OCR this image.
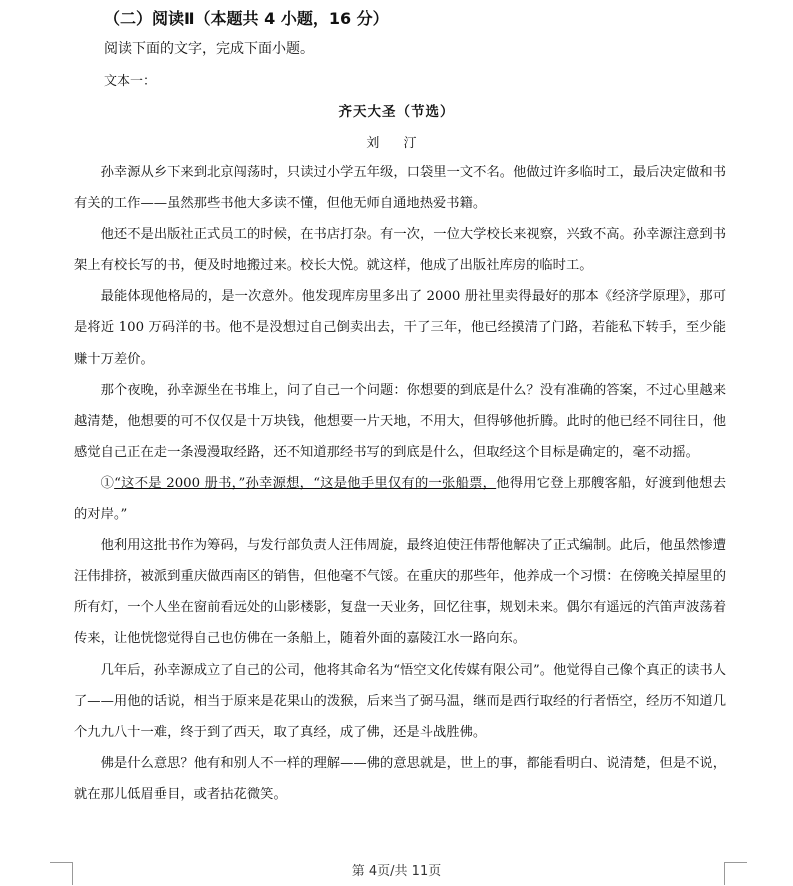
（二）阅读Ⅱ（本题共 4 小题，16 分）
阅读下面的文字，完成下面小题。
文本一：
齐天大圣（节选）
刘 汀

孙幸源从乡下来到北京闯荡时，只读过小学五年级，口袋里一文不名。他做过许多临时工，最后决定做和书有关的工作——虽然那些书他大多读不懂，但他无师自通地热爱书籍。

他还不是出版社正式员工的时候，在书店打杂。有一次，一位大学校长来视察，兴致不高。孙幸源注意到书架上有校长写的书，便及时地搬过来。校长大悦。就这样，他成了出版社库房的临时工。

最能体现他格局的，是一次意外。他发现库房里多出了 2000 册社里卖得最好的那本《经济学原理》，那可是将近 100 万码洋的书。他不是没想过自己倒卖出去，干了三年，他已经摸清了门路，若能私下转手，至少能赚十万差价。

那个夜晚，孙幸源坐在书堆上，问了自己一个问题：你想要的到底是什么？没有准确的答案，不过心里越来越清楚，他想要的可不仅仅是十万块钱，他想要一片天地，不用大，但得够他折腾。此时的他已经不同往日，他感觉自己正在走一条漫漫取经路，还不知道那经书写的到底是什么，但取经这个目标是确定的，毫不动摇。

①“这不是 2000 册书，”孙幸源想，“这是他手里仅有的一张船票，他得用它登上那艘客船，好渡到他想去的对岸。”

他利用这批书作为筹码，与发行部负责人汪伟周旋，最终迫使汪伟帮他解决了正式编制。此后，他虽然惨遭汪伟排挤，被派到重庆做西南区的销售，但他毫不气馁。在重庆的那些年，他养成一个习惯：在傍晚关掉屋里的所有灯，一个人坐在窗前看远处的山影楼影，复盘一天业务，回忆往事，规划未来。偶尔有遥远的汽笛声波荡着传来，让他恍惚觉得自己也仿佛在一条船上，随着外面的嘉陵江水一路向东。

几年后，孙幸源成立了自己的公司，他将其命名为“悟空文化传媒有限公司”。他觉得自己像个真正的读书人了——用他的话说，相当于原来是花果山的泼猴，后来当了弼马温，继而是西行取经的行者悟空，经历不知道几个九九八十一难，终于到了西天，取了真经，成了佛，还是斗战胜佛。

佛是什么意思？他有和别人不一样的理解——佛的意思就是，世上的事，都能看明白、说清楚，但是不说，就在那儿低眉垂目，或者拈花微笑。

第 4页/共 11页
